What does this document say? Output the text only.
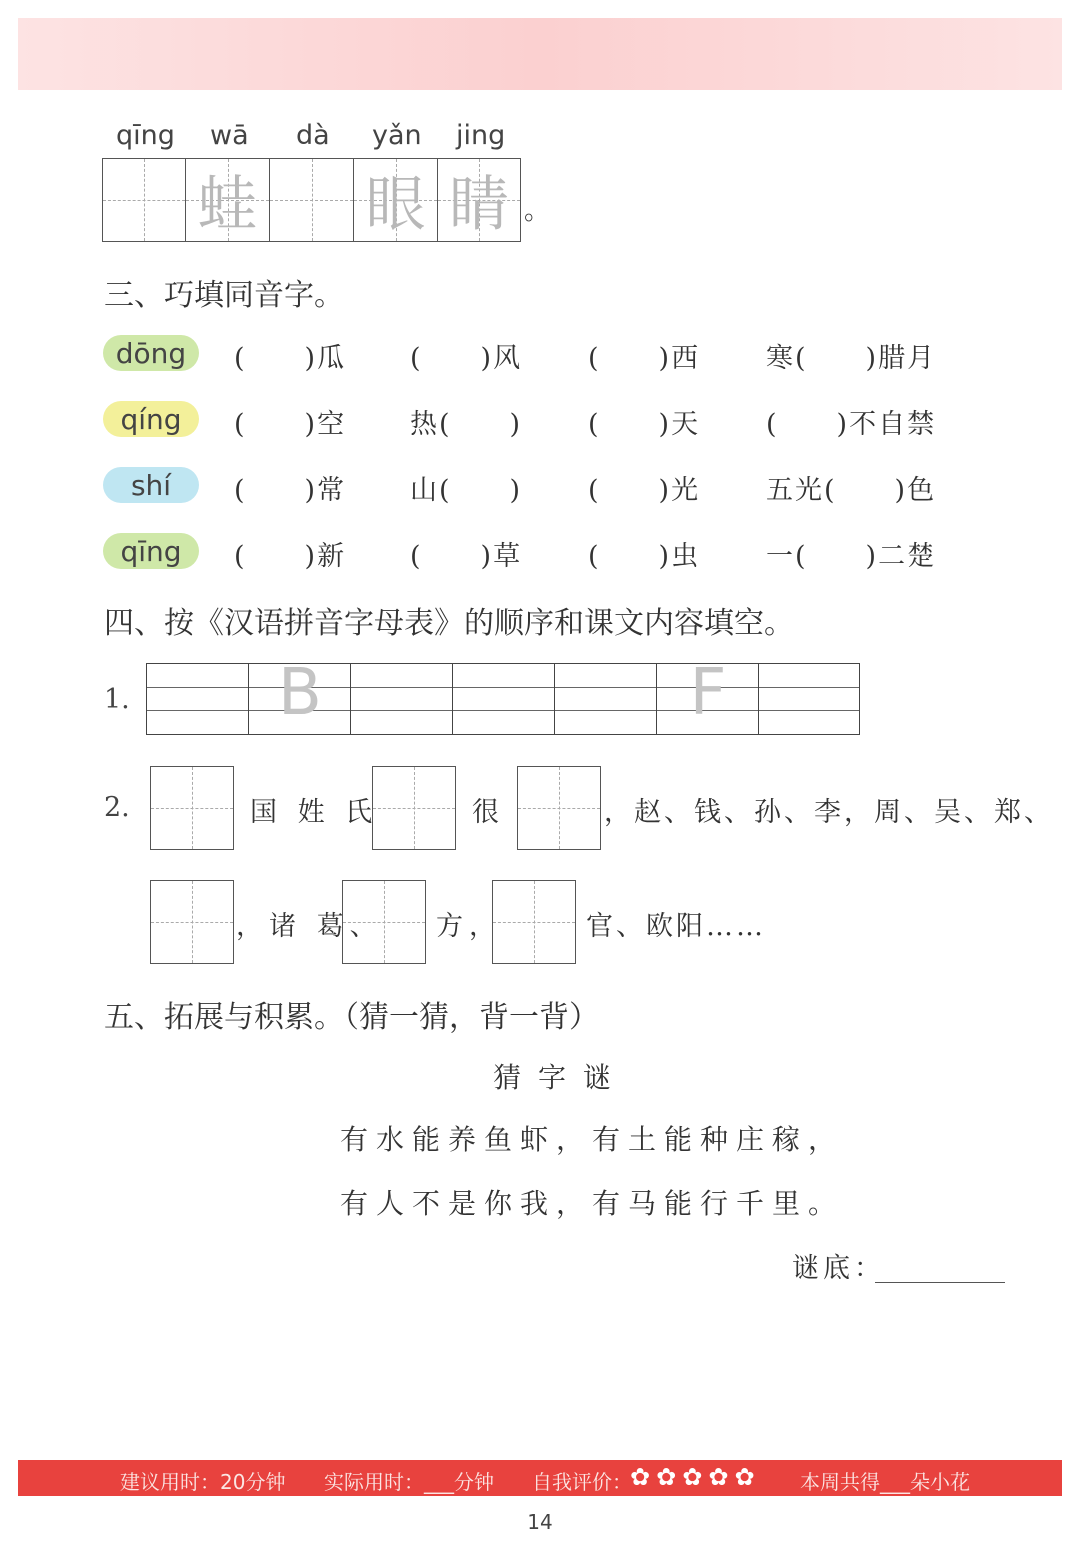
qīng wā dà yǎn jing
蛙 眼 睛 。
三、巧填同音字。
dōng	(　　)瓜 (　　)风 (　　)西 寒(　　)腊月
qíng	(　　)空 热(　　) (　　)天 (　　)不自禁
shí	(　　)常 山(　　) (　　)光 五光(　　)色
qīng	(　　)新 (　　)草 (　　)虫 一(　　)二楚
四、按《汉语拼音字母表》的顺序和课文内容填空。
1.	B	F
2.	国 姓 氏	很	，赵、钱、孙、李，周、吴、郑、
，诸 葛、 方，	官、欧阳……
五、拓展与积累。（猜一猜，背一背）
猜 字 谜
有水能养鱼虾，有土能种庄稼，
有人不是你我，有马能行千里。
谜底：
建议用时：20分钟 实际用时：___分钟 自我评价：
✿✿✿✿✿ 本周共得___朵小花
14
